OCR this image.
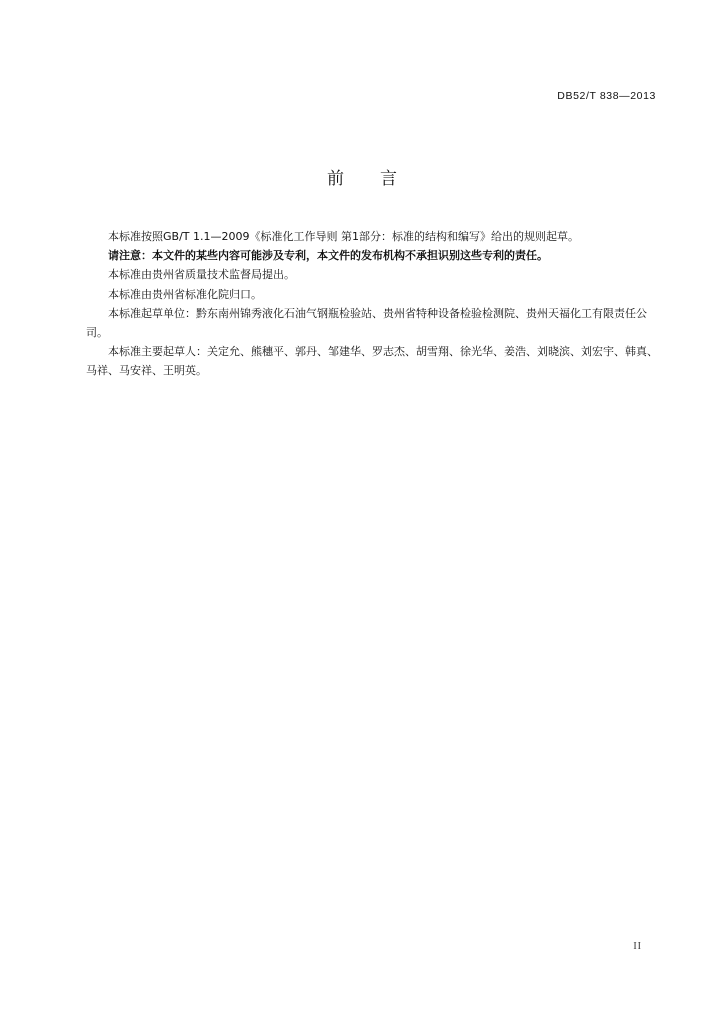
DB52/T 838—2013
前言

本标准按照GB/T 1.1—2009《标准化工作导则 第1部分：标准的结构和编写》给出的规则起草。

请注意：本文件的某些内容可能涉及专利，本文件的发布机构不承担识别这些专利的责任。

本标准由贵州省质量技术监督局提出。

本标准由贵州省标准化院归口。

本标准起草单位：黔东南州锦秀液化石油气钢瓶检验站、贵州省特种设备检验检测院、贵州天福化工有限责任公司。

本标准主要起草人：关定允、熊穗平、郭丹、邹建华、罗志杰、胡雪翔、徐光华、姜浩、刘晓滨、刘宏宇、韩真、马祥、马安祥、王明英。

II
